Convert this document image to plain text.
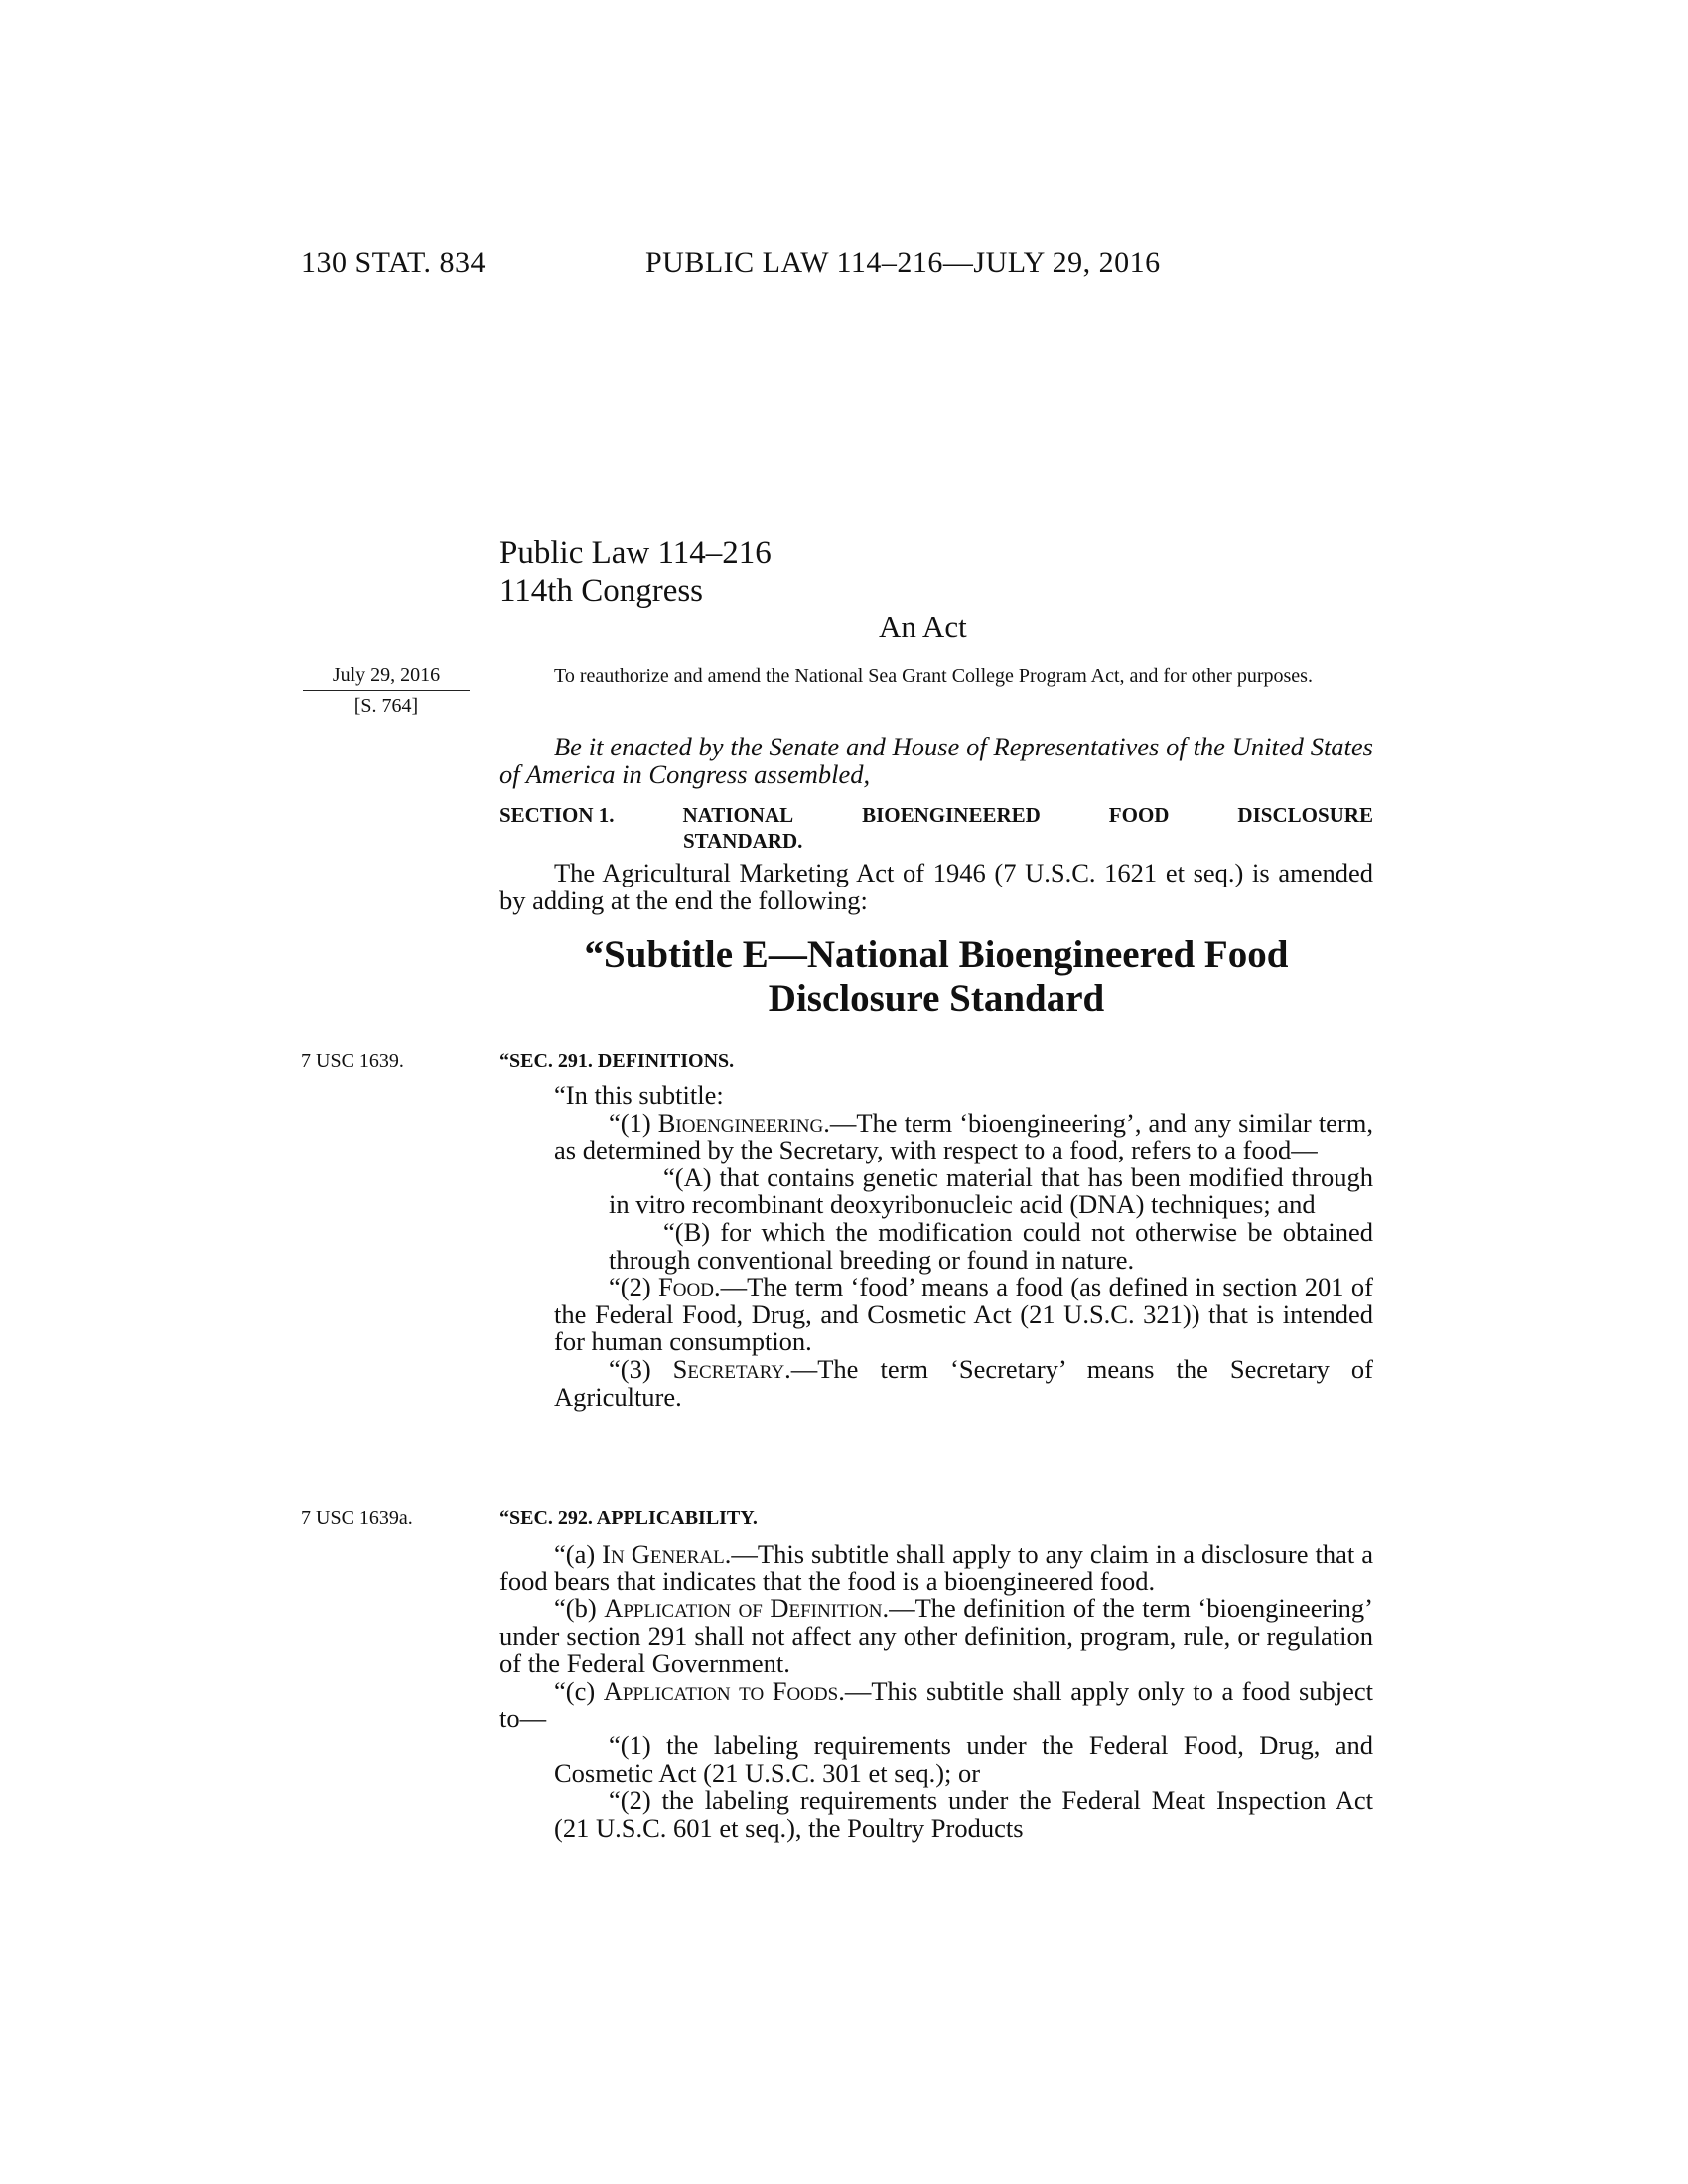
130 STAT. 834	PUBLIC LAW 114–216—JULY 29, 2016
Public Law 114–216
114th Congress
An Act
July 29, 2016
[S. 764]
To reauthorize and amend the National Sea Grant College Program Act, and for other purposes.

Be it enacted by the Senate and House of Representatives of the United States of America in Congress assembled,

SECTION 1.	NATIONAL	BIOENGINEERED	FOOD	DISCLOSURE
STANDARD.

The Agricultural Marketing Act of 1946 (7 U.S.C. 1621 et seq.) is amended by adding at the end the following:

“Subtitle E—National Bioengineered Food
Disclosure Standard
7 USC 1639.	“SEC. 291. DEFINITIONS.

“In this subtitle:

“(1) Bioengineering.—The term ‘bioengineering’, and any similar term, as determined by the Secretary, with respect to a food, refers to a food—

“(A) that contains genetic material that has been modified through in vitro recombinant deoxyribonucleic acid (DNA) techniques; and

“(B) for which the modification could not otherwise be obtained through conventional breeding or found in nature.

“(2) Food.—The term ‘food’ means a food (as defined in section 201 of the Federal Food, Drug, and Cosmetic Act (21 U.S.C. 321)) that is intended for human consumption.

“(3) Secretary.—The term ‘Secretary’ means the Secretary of Agriculture.

7 USC 1639a.	“SEC. 292. APPLICABILITY.

“(a) In General.—This subtitle shall apply to any claim in a disclosure that a food bears that indicates that the food is a bioengineered food.

“(b) Application of Definition.—The definition of the term ‘bioengineering’ under section 291 shall not affect any other definition, program, rule, or regulation of the Federal Government.

“(c) Application to Foods.—This subtitle shall apply only to a food subject to—

“(1) the labeling requirements under the Federal Food, Drug, and Cosmetic Act (21 U.S.C. 301 et seq.); or

“(2) the labeling requirements under the Federal Meat Inspection Act (21 U.S.C. 601 et seq.), the Poultry Products
